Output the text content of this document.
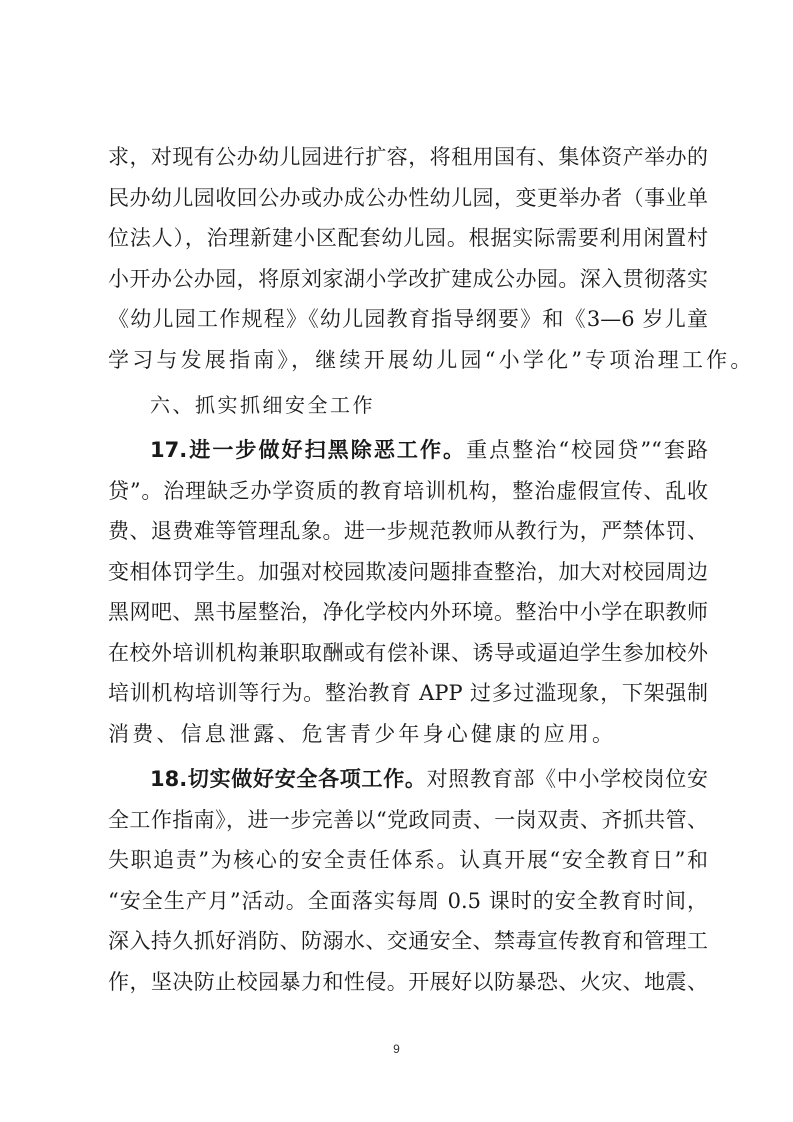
求，对现有公办幼儿园进行扩容，将租用国有、集体资产举办的
民办幼儿园收回公办或办成公办性幼儿园，变更举办者（事业单
位法人），治理新建小区配套幼儿园。根据实际需要利用闲置村
小开办公办园，将原刘家湖小学改扩建成公办园。深入贯彻落实
《幼儿园工作规程》《幼儿园教育指导纲要》和《3—6 岁儿童
学习与发展指南》，继续开展幼儿园“小学化”专项治理工作。
六、抓实抓细安全工作
17.进一步做好扫黑除恶工作。重点整治“校园贷”“套路
贷”。治理缺乏办学资质的教育培训机构，整治虚假宣传、乱收
费、退费难等管理乱象。进一步规范教师从教行为，严禁体罚、
变相体罚学生。加强对校园欺凌问题排查整治，加大对校园周边
黑网吧、黑书屋整治，净化学校内外环境。整治中小学在职教师
在校外培训机构兼职取酬或有偿补课、诱导或逼迫学生参加校外
培训机构培训等行为。整治教育 APP 过多过滥现象，下架强制
消费、信息泄露、危害青少年身心健康的应用。
18.切实做好安全各项工作。对照教育部《中小学校岗位安
全工作指南》，进一步完善以“党政同责、一岗双责、齐抓共管、
失职追责”为核心的安全责任体系。认真开展“安全教育日”和
“安全生产月”活动。全面落实每周 0.5 课时的安全教育时间，
深入持久抓好消防、防溺水、交通安全、禁毒宣传教育和管理工
作，坚决防止校园暴力和性侵。开展好以防暴恐、火灾、地震、
9
